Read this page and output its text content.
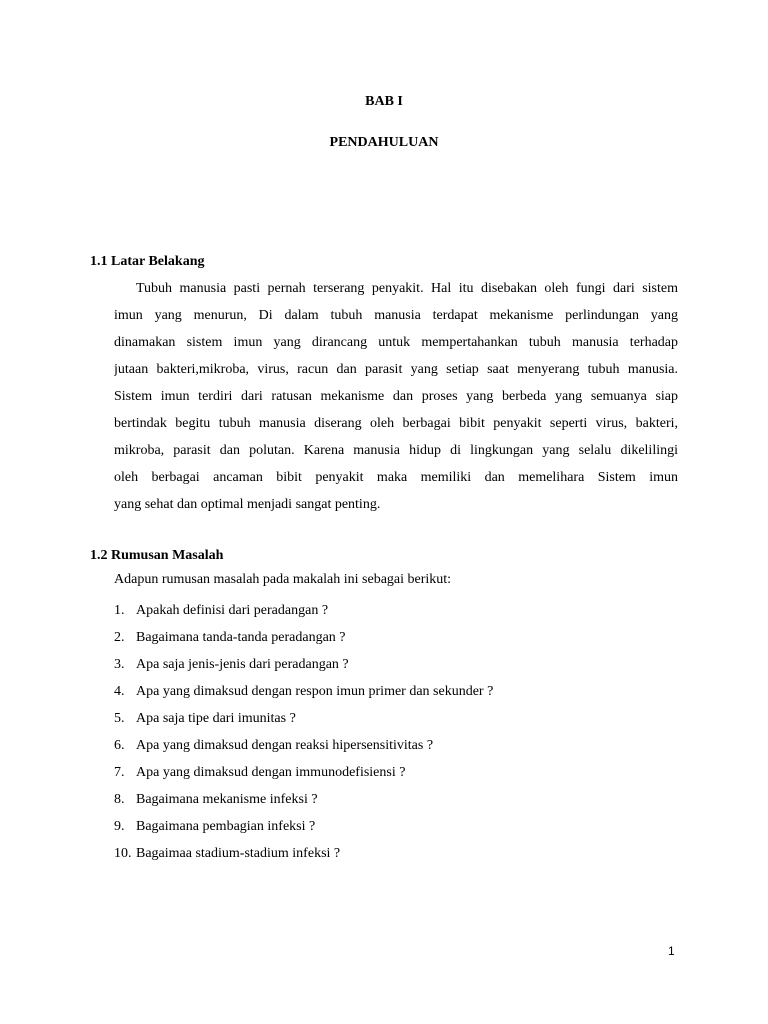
BAB I

PENDAHULUAN

1.1 Latar Belakang

Tubuh manusia pasti pernah terserang penyakit. Hal itu disebakan oleh fungi dari sistem
imun yang menurun, Di dalam tubuh manusia terdapat mekanisme perlindungan yang
dinamakan sistem imun yang dirancang untuk mempertahankan tubuh manusia terhadap
jutaan bakteri,mikroba, virus, racun dan parasit yang setiap saat menyerang tubuh manusia.
Sistem imun terdiri dari ratusan mekanisme dan proses yang berbeda yang semuanya siap
bertindak begitu tubuh manusia diserang oleh berbagai bibit penyakit seperti virus, bakteri,
mikroba, parasit dan polutan. Karena manusia hidup di lingkungan yang selalu dikelilingi
oleh berbagai ancaman bibit penyakit maka memiliki dan memelihara Sistem imun
yang sehat dan optimal menjadi sangat penting.

1.2 Rumusan Masalah

Adapun rumusan masalah pada makalah ini sebagai berikut:

1. Apakah definisi dari peradangan ?
2. Bagaimana tanda-tanda peradangan ?
3. Apa saja jenis-jenis dari peradangan ?
4. Apa yang dimaksud dengan respon imun primer dan sekunder ?
5. Apa saja tipe dari imunitas ?
6. Apa yang dimaksud dengan reaksi hipersensitivitas ?
7. Apa yang dimaksud dengan immunodefisiensi ?
8. Bagaimana mekanisme infeksi ?
9. Bagaimana pembagian infeksi ?
10. Bagaimaa stadium-stadium infeksi ?

1
